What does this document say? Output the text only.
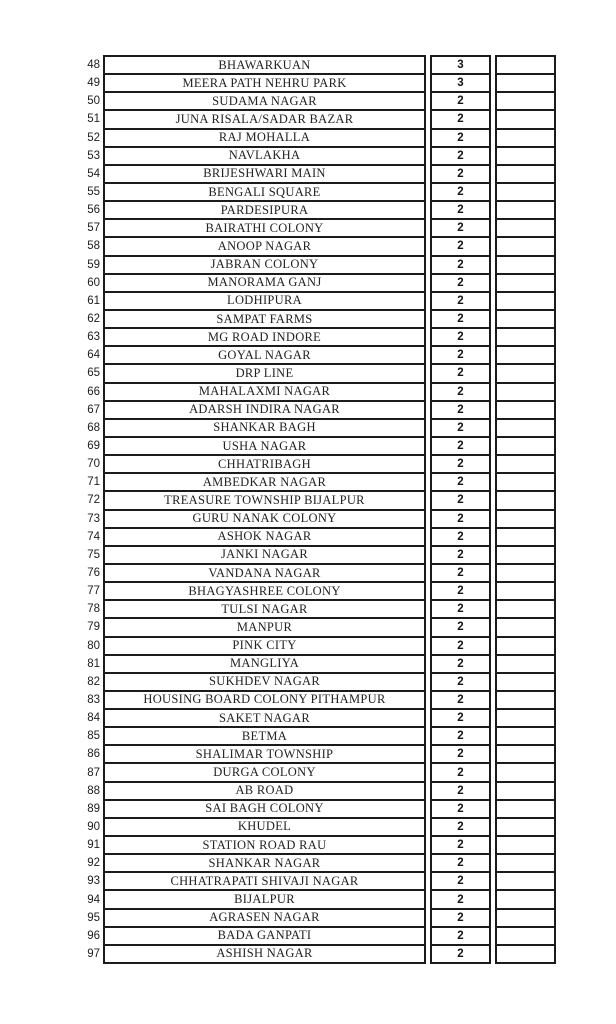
48	BHAWARKUAN	3
49	MEERA PATH NEHRU PARK	3
50	SUDAMA NAGAR	2
51	JUNA RISALA/SADAR BAZAR	2
52	RAJ MOHALLA	2
53	NAVLAKHA	2
54	BRIJESHWARI MAIN	2
55	BENGALI SQUARE	2
56	PARDESIPURA	2
57	BAIRATHI COLONY	2
58	ANOOP NAGAR	2
59	JABRAN COLONY	2
60	MANORAMA GANJ	2
61	LODHIPURA	2
62	SAMPAT FARMS	2
63	MG ROAD INDORE	2
64	GOYAL NAGAR	2
65	DRP LINE	2
66	MAHALAXMI NAGAR	2
67	ADARSH INDIRA NAGAR	2
68	SHANKAR BAGH	2
69	USHA NAGAR	2
70	CHHATRIBAGH	2
71	AMBEDKAR NAGAR	2
72	TREASURE TOWNSHIP BIJALPUR	2
73	GURU NANAK COLONY	2
74	ASHOK NAGAR	2
75	JANKI NAGAR	2
76	VANDANA NAGAR	2
77	BHAGYASHREE COLONY	2
78	TULSI NAGAR	2
79	MANPUR	2
80	PINK CITY	2
81	MANGLIYA	2
82	SUKHDEV NAGAR	2
83	HOUSING BOARD COLONY PITHAMPUR	2
84	SAKET NAGAR	2
85	BETMA	2
86	SHALIMAR TOWNSHIP	2
87	DURGA COLONY	2
88	AB ROAD	2
89	SAI BAGH COLONY	2
90	KHUDEL	2
91	STATION ROAD RAU	2
92	SHANKAR NAGAR	2
93	CHHATRAPATI SHIVAJI NAGAR	2
94	BIJALPUR	2
95	AGRASEN NAGAR	2
96	BADA GANPATI	2
97	ASHISH NAGAR	2
